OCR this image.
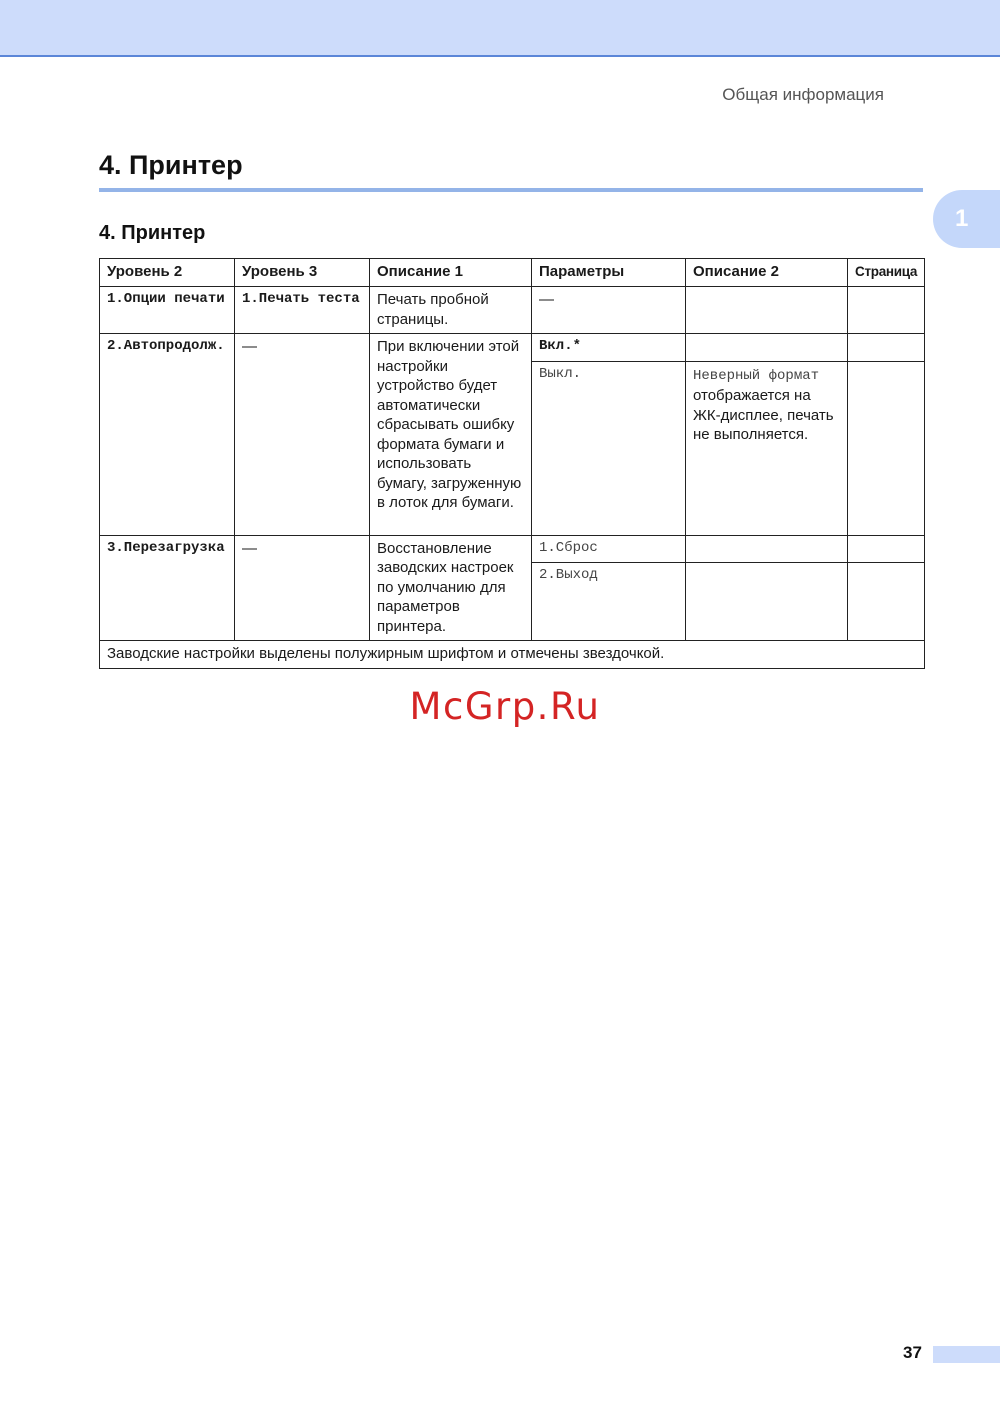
Общая информация
4. Принтер
1
4. Принтер
Уровень 2	Уровень 3	Описание 1	Параметры	Описание 2	Страница
1.Опции печати	1.Печать теста	Печать пробной страницы.	—		
2.Автопродолж.	—	При включении этой настройки устройство будет автоматически сбрасывать ошибку формата бумаги и использовать бумагу, загруженную в лоток для бумаги.	Вкл.*		
			Выкл.	Неверный формат отображается на ЖК-дисплее, печать не выполняется.	
3.Перезагрузка	—	Восстановление заводских настроек по умолчанию для параметров принтера.	1.Сброс		
			2.Выход		
Заводские настройки выделены полужирным шрифтом и отмечены звездочкой.					
McGrp.Ru
37
